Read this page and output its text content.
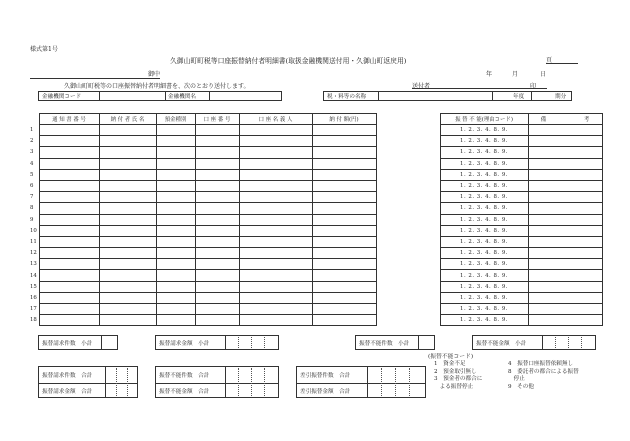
様式第1号
久御山町町税等口座振替納付者明細書(取扱金融機関送付用・久御山町返戻用)	頁
御中	年	月	日
久御山町町税等の口座振替納付者明細書を、次のとおり送付します。	送付者	印
金融機関コード	金融機関名	税・料等の名称	年度	期分
	通 知 書 番 号	納 付 者 氏 名	預金種別	口 座 番 号	口 座 名 義 人	納 付 額(円)		振 替 不 能(理由コード)	備　　　　　　　考
1								1. 2. 3. 4. 8. 9.	
2								1. 2. 3. 4. 8. 9.	
3								1. 2. 3. 4. 8. 9.	
4								1. 2. 3. 4. 8. 9.	
5								1. 2. 3. 4. 8. 9.	
6								1. 2. 3. 4. 8. 9.	
7								1. 2. 3. 4. 8. 9.	
8								1. 2. 3. 4. 8. 9.	
9								1. 2. 3. 4. 8. 9.	
10								1. 2. 3. 4. 8. 9.	
11								1. 2. 3. 4. 8. 9.	
12								1. 2. 3. 4. 8. 9.	
13								1. 2. 3. 4. 8. 9.	
14								1. 2. 3. 4. 8. 9.	
15								1. 2. 3. 4. 8. 9.	
16								1. 2. 3. 4. 8. 9.	
17								1. 2. 3. 4. 8. 9.	
18								1. 2. 3. 4. 8. 9.	
振替請求件数　小計	振替請求金額　小計	振替不能件数　小計	振替不能金額　小計
振替請求件数　合計
振替請求金額　合計
振替不能件数　合計
振替不能金額　合計
差引振替件数　合計
差引振替金額　合計
(振替不能コード)
1　資金不足
2　預金取引無し
3　預金者の都合に
　よる振替停止
4　振替口座振替依頼無し
8　委託者の都合による振替
　停止
9　その他
